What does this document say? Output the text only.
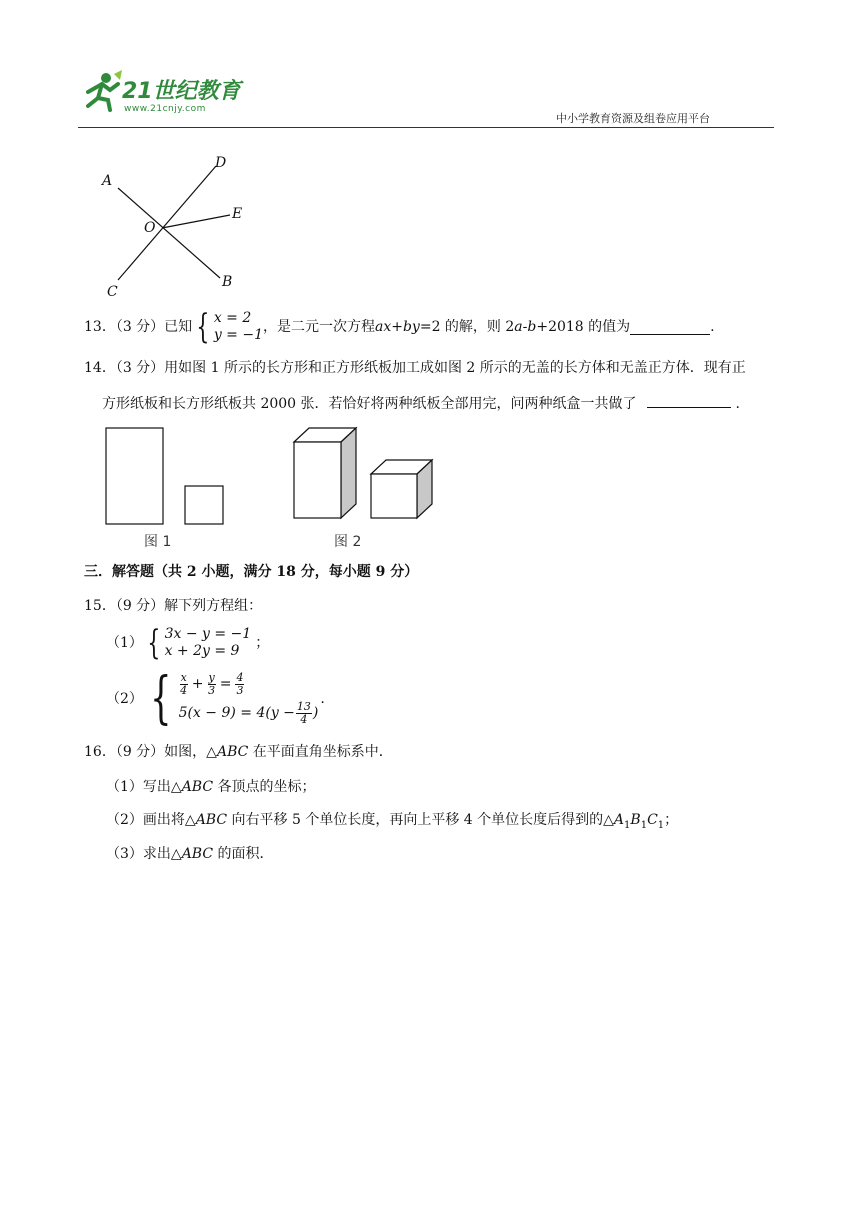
21世纪教育
www.21cnjy.com
中小学教育资源及组卷应用平台
A
D
E
O
B
C
13．（3 分）已知 { x = 2
y = −1 ，是二元一次方程 ax+by =2 的解，则 2 a - b +2018 的值为	.
14．（3 分）用如图 1 所示的长方形和正方形纸板加工成如图 2 所示的无盖的长方体和无盖正方体．现有正
方形纸板和长方形纸板共 2000 张．若恰好将两种纸板全部用完，问两种纸盒一共做了	.
图 1	图 2
三．解答题（共 2 小题，满分 18 分，每小题 9 分）
15．（9 分）解下列方程组：
（1） { 3x − y = −1
x + 2y = 9	；
（2） { $\frac{x}{4} + \frac{y}{3} = \frac{4}{3}$
$5(x - 9) = 4(y - \frac{13}{4}$ )
.
16．（9 分）如图，△ABC 在平面直角坐标系中．
（1）写出△ABC 各顶点的坐标；
（2）画出将△ABC 向右平移 5 个单位长度，再向上平移 4 个单位长度后得到的$\triangle A_1B_1C_1$；
（3）求出△ABC 的面积．
